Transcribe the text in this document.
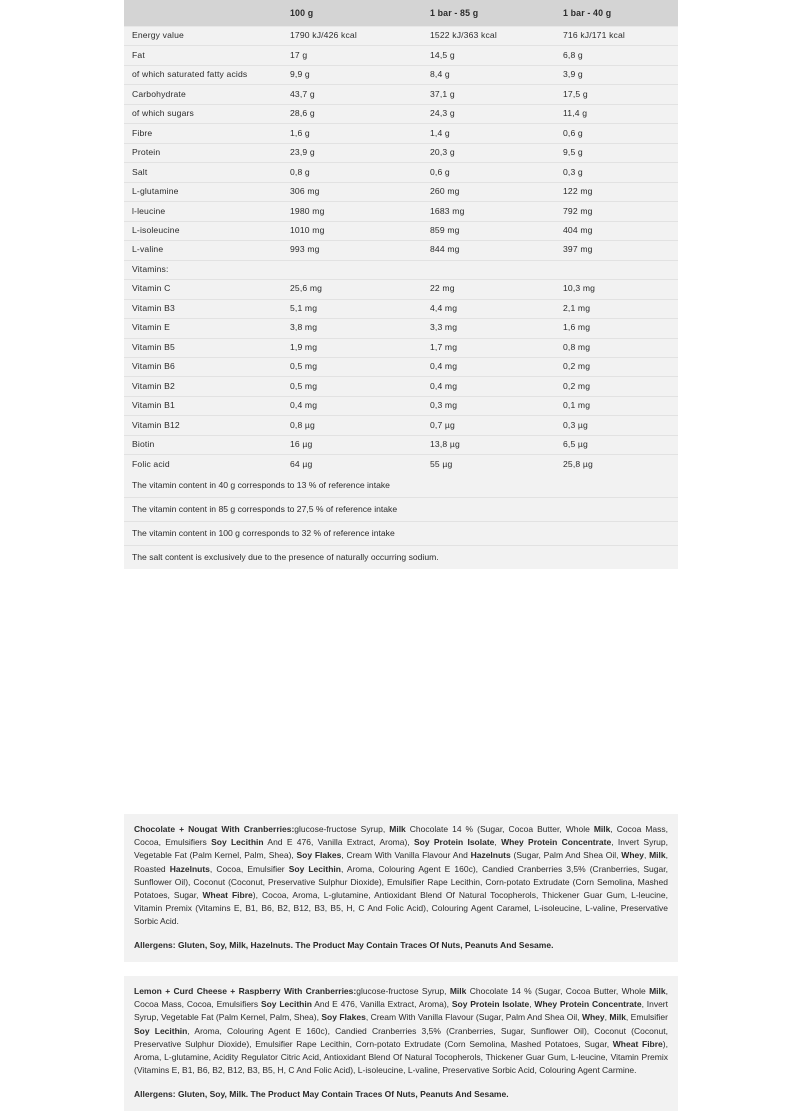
	100 g	1 bar - 85 g	1 bar - 40 g
Energy value	1790 kJ/426 kcal	1522 kJ/363 kcal	716 kJ/171 kcal
Fat	17 g	14,5 g	6,8 g
of which saturated fatty acids	9,9 g	8,4 g	3,9 g
Carbohydrate	43,7 g	37,1 g	17,5 g
of which sugars	28,6 g	24,3 g	11,4 g
Fibre	1,6 g	1,4 g	0,6 g
Protein	23,9 g	20,3 g	9,5 g
Salt	0,8 g	0,6 g	0,3 g
L-glutamine	306 mg	260 mg	122 mg
l-leucine	1980 mg	1683 mg	792 mg
L-isoleucine	1010 mg	859 mg	404 mg
L-valine	993 mg	844 mg	397 mg
Vitamins:			
Vitamin C	25,6 mg	22 mg	10,3 mg
Vitamin B3	5,1 mg	4,4 mg	2,1 mg
Vitamin E	3,8 mg	3,3 mg	1,6 mg
Vitamin B5	1,9 mg	1,7 mg	0,8 mg
Vitamin B6	0,5 mg	0,4 mg	0,2 mg
Vitamin B2	0,5 mg	0,4 mg	0,2 mg
Vitamin B1	0,4 mg	0,3 mg	0,1 mg
Vitamin B12	0,8 µg	0,7 µg	0,3 µg
Biotin	16 µg	13,8 µg	6,5 µg
Folic acid	64 µg	55 µg	25,8 µg
The vitamin content in 40 g corresponds to 13 % of reference intake
The vitamin content in 85 g corresponds to 27,5 % of reference intake
The vitamin content in 100 g corresponds to 32 % of reference intake
The salt content is exclusively due to the presence of naturally occurring sodium.
Chocolate + Nougat With Cranberries:glucose-fructose Syrup, Milk Chocolate 14 % (Sugar, Cocoa Butter, Whole Milk, Cocoa Mass, Cocoa, Emulsifiers Soy Lecithin And E 476, Vanilla Extract, Aroma), Soy Protein Isolate, Whey Protein Concentrate, Invert Syrup, Vegetable Fat (Palm Kernel, Palm, Shea), Soy Flakes, Cream With Vanilla Flavour And Hazelnuts (Sugar, Palm And Shea Oil, Whey, Milk, Roasted Hazelnuts, Cocoa, Emulsifier Soy Lecithin, Aroma, Colouring Agent E 160c), Candied Cranberries 3,5% (Cranberries, Sugar, Sunflower Oil), Coconut (Coconut, Preservative Sulphur Dioxide), Emulsifier Rape Lecithin, Corn-potato Extrudate (Corn Semolina, Mashed Potatoes, Sugar, Wheat Fibre), Cocoa, Aroma, L-glutamine, Antioxidant Blend Of Natural Tocopherols, Thickener Guar Gum, L-leucine, Vitamin Premix (Vitamins E, B1, B6, B2, B12, B3, B5, H, C And Folic Acid), Colouring Agent Caramel, L-isoleucine, L-valine, Preservative Sorbic Acid.
Allergens: Gluten, Soy, Milk, Hazelnuts. The Product May Contain Traces Of Nuts, Peanuts And Sesame.
Lemon + Curd Cheese + Raspberry With Cranberries:glucose-fructose Syrup, Milk Chocolate 14 % (Sugar, Cocoa Butter, Whole Milk, Cocoa Mass, Cocoa, Emulsifiers Soy Lecithin And E 476, Vanilla Extract, Aroma), Soy Protein Isolate, Whey Protein Concentrate, Invert Syrup, Vegetable Fat (Palm Kernel, Palm, Shea), Soy Flakes, Cream With Vanilla Flavour (Sugar, Palm And Shea Oil, Whey, Milk, Emulsifier Soy Lecithin, Aroma, Colouring Agent E 160c), Candied Cranberries 3,5% (Cranberries, Sugar, Sunflower Oil), Coconut (Coconut, Preservative Sulphur Dioxide), Emulsifier Rape Lecithin, Corn-potato Extrudate (Corn Semolina, Mashed Potatoes, Sugar, Wheat Fibre), Aroma, L-glutamine, Acidity Regulator Citric Acid, Antioxidant Blend Of Natural Tocopherols, Thickener Guar Gum, L-leucine, Vitamin Premix (Vitamins E, B1, B6, B2, B12, B3, B5, H, C And Folic Acid), L-isoleucine, L-valine, Preservative Sorbic Acid, Colouring Agent Carmine.
Allergens: Gluten, Soy, Milk. The Product May Contain Traces Of Nuts, Peanuts And Sesame.
